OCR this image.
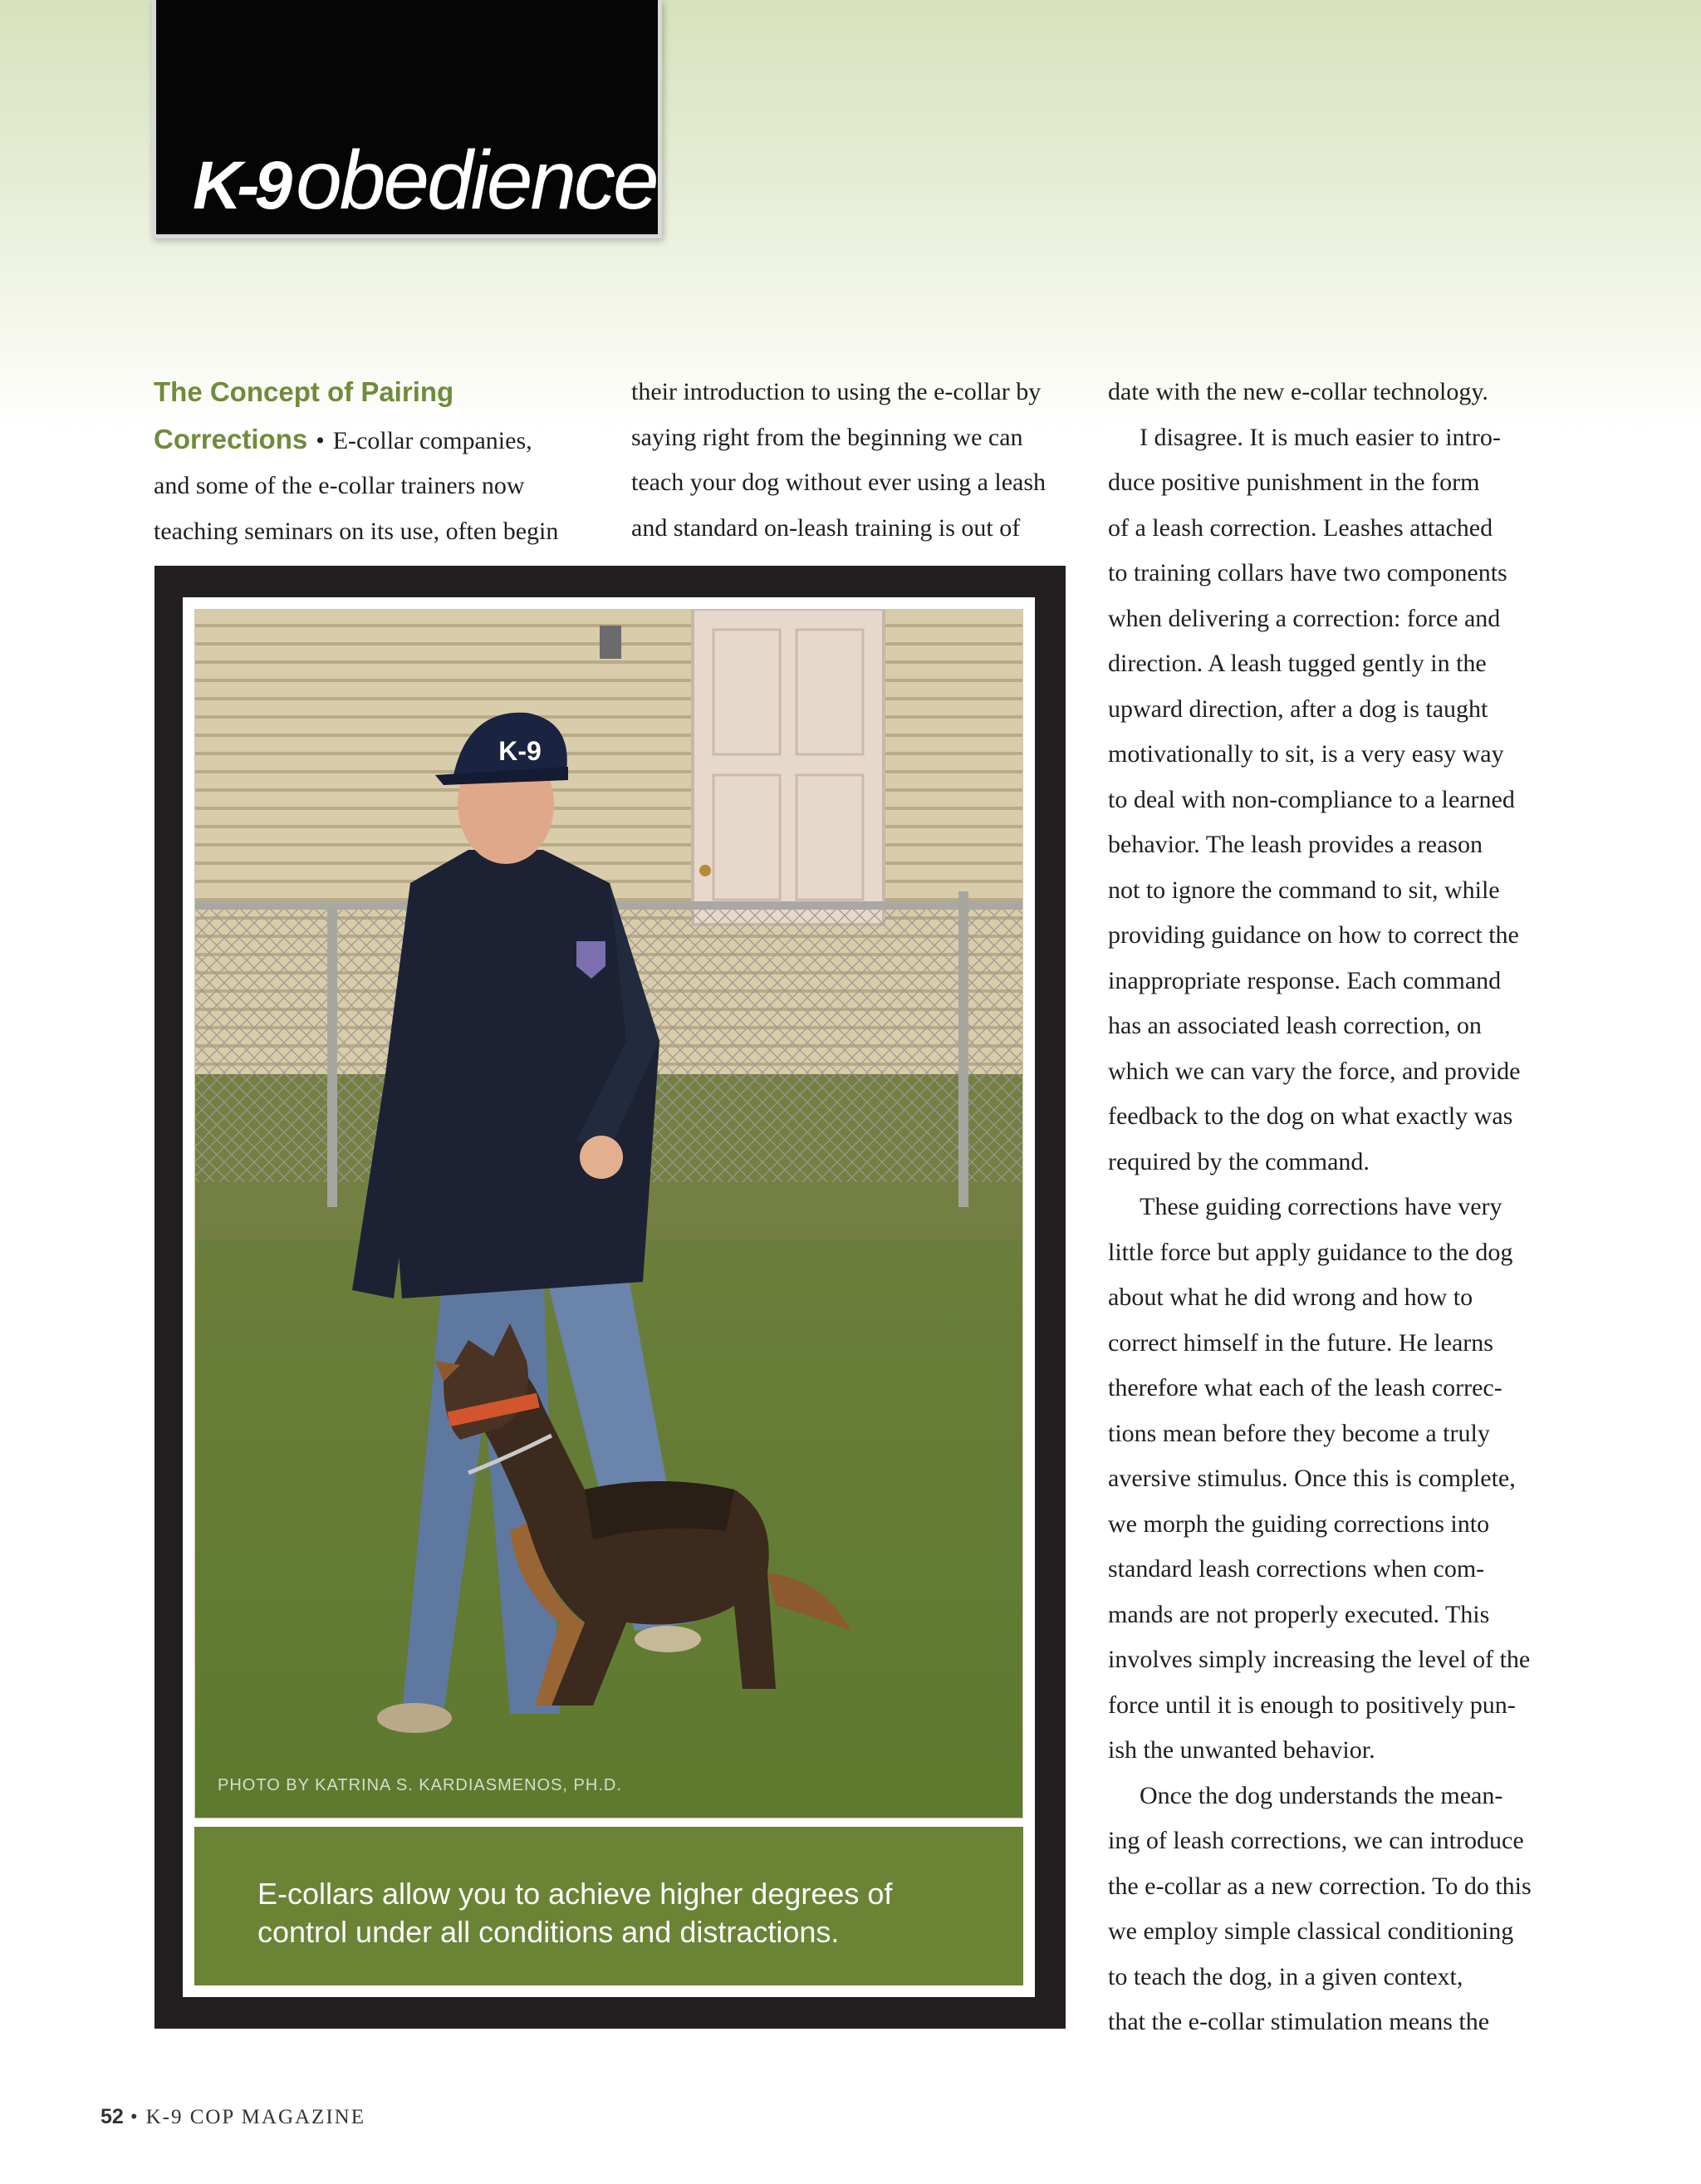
K-9 obedience

The Concept of Pairing

Corrections • E-collar companies,

and some of the e-collar trainers now

teaching seminars on its use, often begin

their introduction to using the e-collar by

saying right from the beginning we can

teach your dog without ever using a leash

and standard on-leash training is out of

date with the new e-collar technology.

I disagree. It is much easier to intro-

duce positive punishment in the form

of a leash correction. Leashes attached

to training collars have two components

when delivering a correction: force and

direction. A leash tugged gently in the

upward direction, after a dog is taught

motivationally to sit, is a very easy way

to deal with non-compliance to a learned

behavior. The leash provides a reason

not to ignore the command to sit, while

providing guidance on how to correct the

inappropriate response. Each command

has an associated leash correction, on

which we can vary the force, and provide

feedback to the dog on what exactly was

required by the command.

These guiding corrections have very

little force but apply guidance to the dog

about what he did wrong and how to

correct himself in the future. He learns

therefore what each of the leash correc-

tions mean before they become a truly

aversive stimulus. Once this is complete,

we morph the guiding corrections into

standard leash corrections when com-

mands are not properly executed. This

involves simply increasing the level of the

force until it is enough to positively pun-

ish the unwanted behavior.

Once the dog understands the mean-

ing of leash corrections, we can introduce

the e-collar as a new correction. To do this

we employ simple classical conditioning

to teach the dog, in a given context,

that the e-collar stimulation means the

K-9
PHOTO BY KATRINA S. KARDIASMENOS, PH.D.
E-collars allow you to achieve higher degrees of control under all conditions and distractions.
52 • K-9 COP MAGAZINE
